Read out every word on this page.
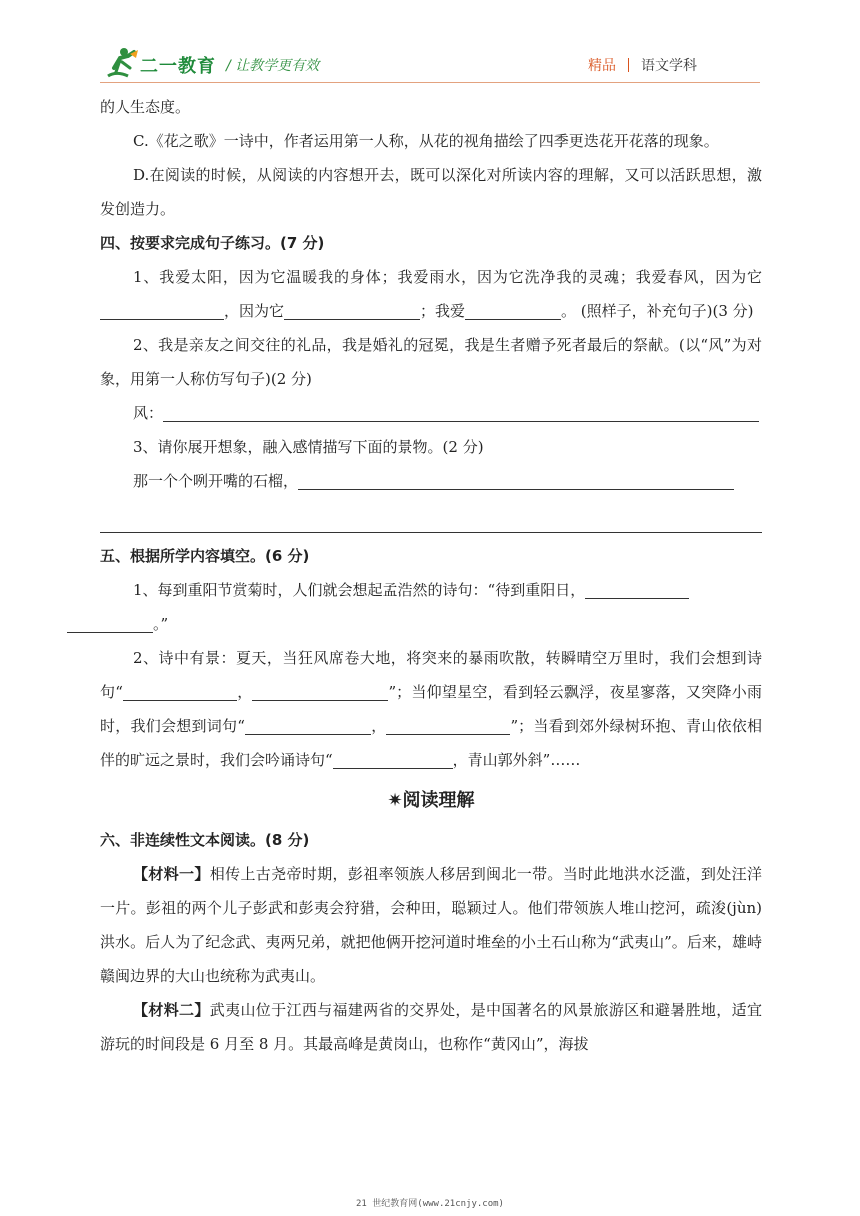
二一教育 / 让教学更有效	精品 语文学科

的人生态度。

C.《花之歌》一诗中，作者运用第一人称，从花的视角描绘了四季更迭花开花落的现象。

D.在阅读的时候，从阅读的内容想开去，既可以深化对所读内容的理解，又可以活跃思想，激发创造力。

四、按要求完成句子练习。(7 分)

1、我爱太阳，因为它温暖我的身体；我爱雨水，因为它洗净我的灵魂；我爱春风，因为它，因为它	；我爱	。 (照样子，补充句子)(3 分)

2、我是亲友之间交往的礼品，我是婚礼的冠冕，我是生者赠予死者最后的祭献。(以“风”为对象，用第一人称仿写句子)(2 分)

风：

3、请你展开想象，融入感情描写下面的景物。(2 分)

那一个个咧开嘴的石榴，

五、根据所学内容填空。(6 分)

1、每到重阳节赏菊时，人们就会想起孟浩然的诗句：“待到重阳日，
。”

2、诗中有景：夏天，当狂风席卷大地，将突来的暴雨吹散，转瞬晴空万里时，我们会想到诗句“	，	”；当仰望星空，看到轻云飘浮，夜星寥落，又突降小雨时，我们会想到词句“	，	”；当看到郊外绿树环抱、青山依依相伴的旷远之景时，我们会吟诵诗句“	，青山郭外斜”……

✷阅读理解

六、非连续性文本阅读。(8 分)

【材料一】相传上古尧帝时期，彭祖率领族人移居到闽北一带。当时此地洪水泛滥，到处汪洋一片。彭祖的两个儿子彭武和彭夷会狩猎，会种田，聪颖过人。他们带领族人堆山挖河，疏浚(jùn)洪水。后人为了纪念武、夷两兄弟，就把他俩开挖河道时堆垒的小土石山称为“武夷山”。后来，雄峙赣闽边界的大山也统称为武夷山。

【材料二】武夷山位于江西与福建两省的交界处，是中国著名的风景旅游区和避暑胜地，适宜游玩的时间段是 6 月至 8 月。其最高峰是黄岗山，也称作“黄冈山”，海拔

21 世纪教育网(www.21cnjy.com)
